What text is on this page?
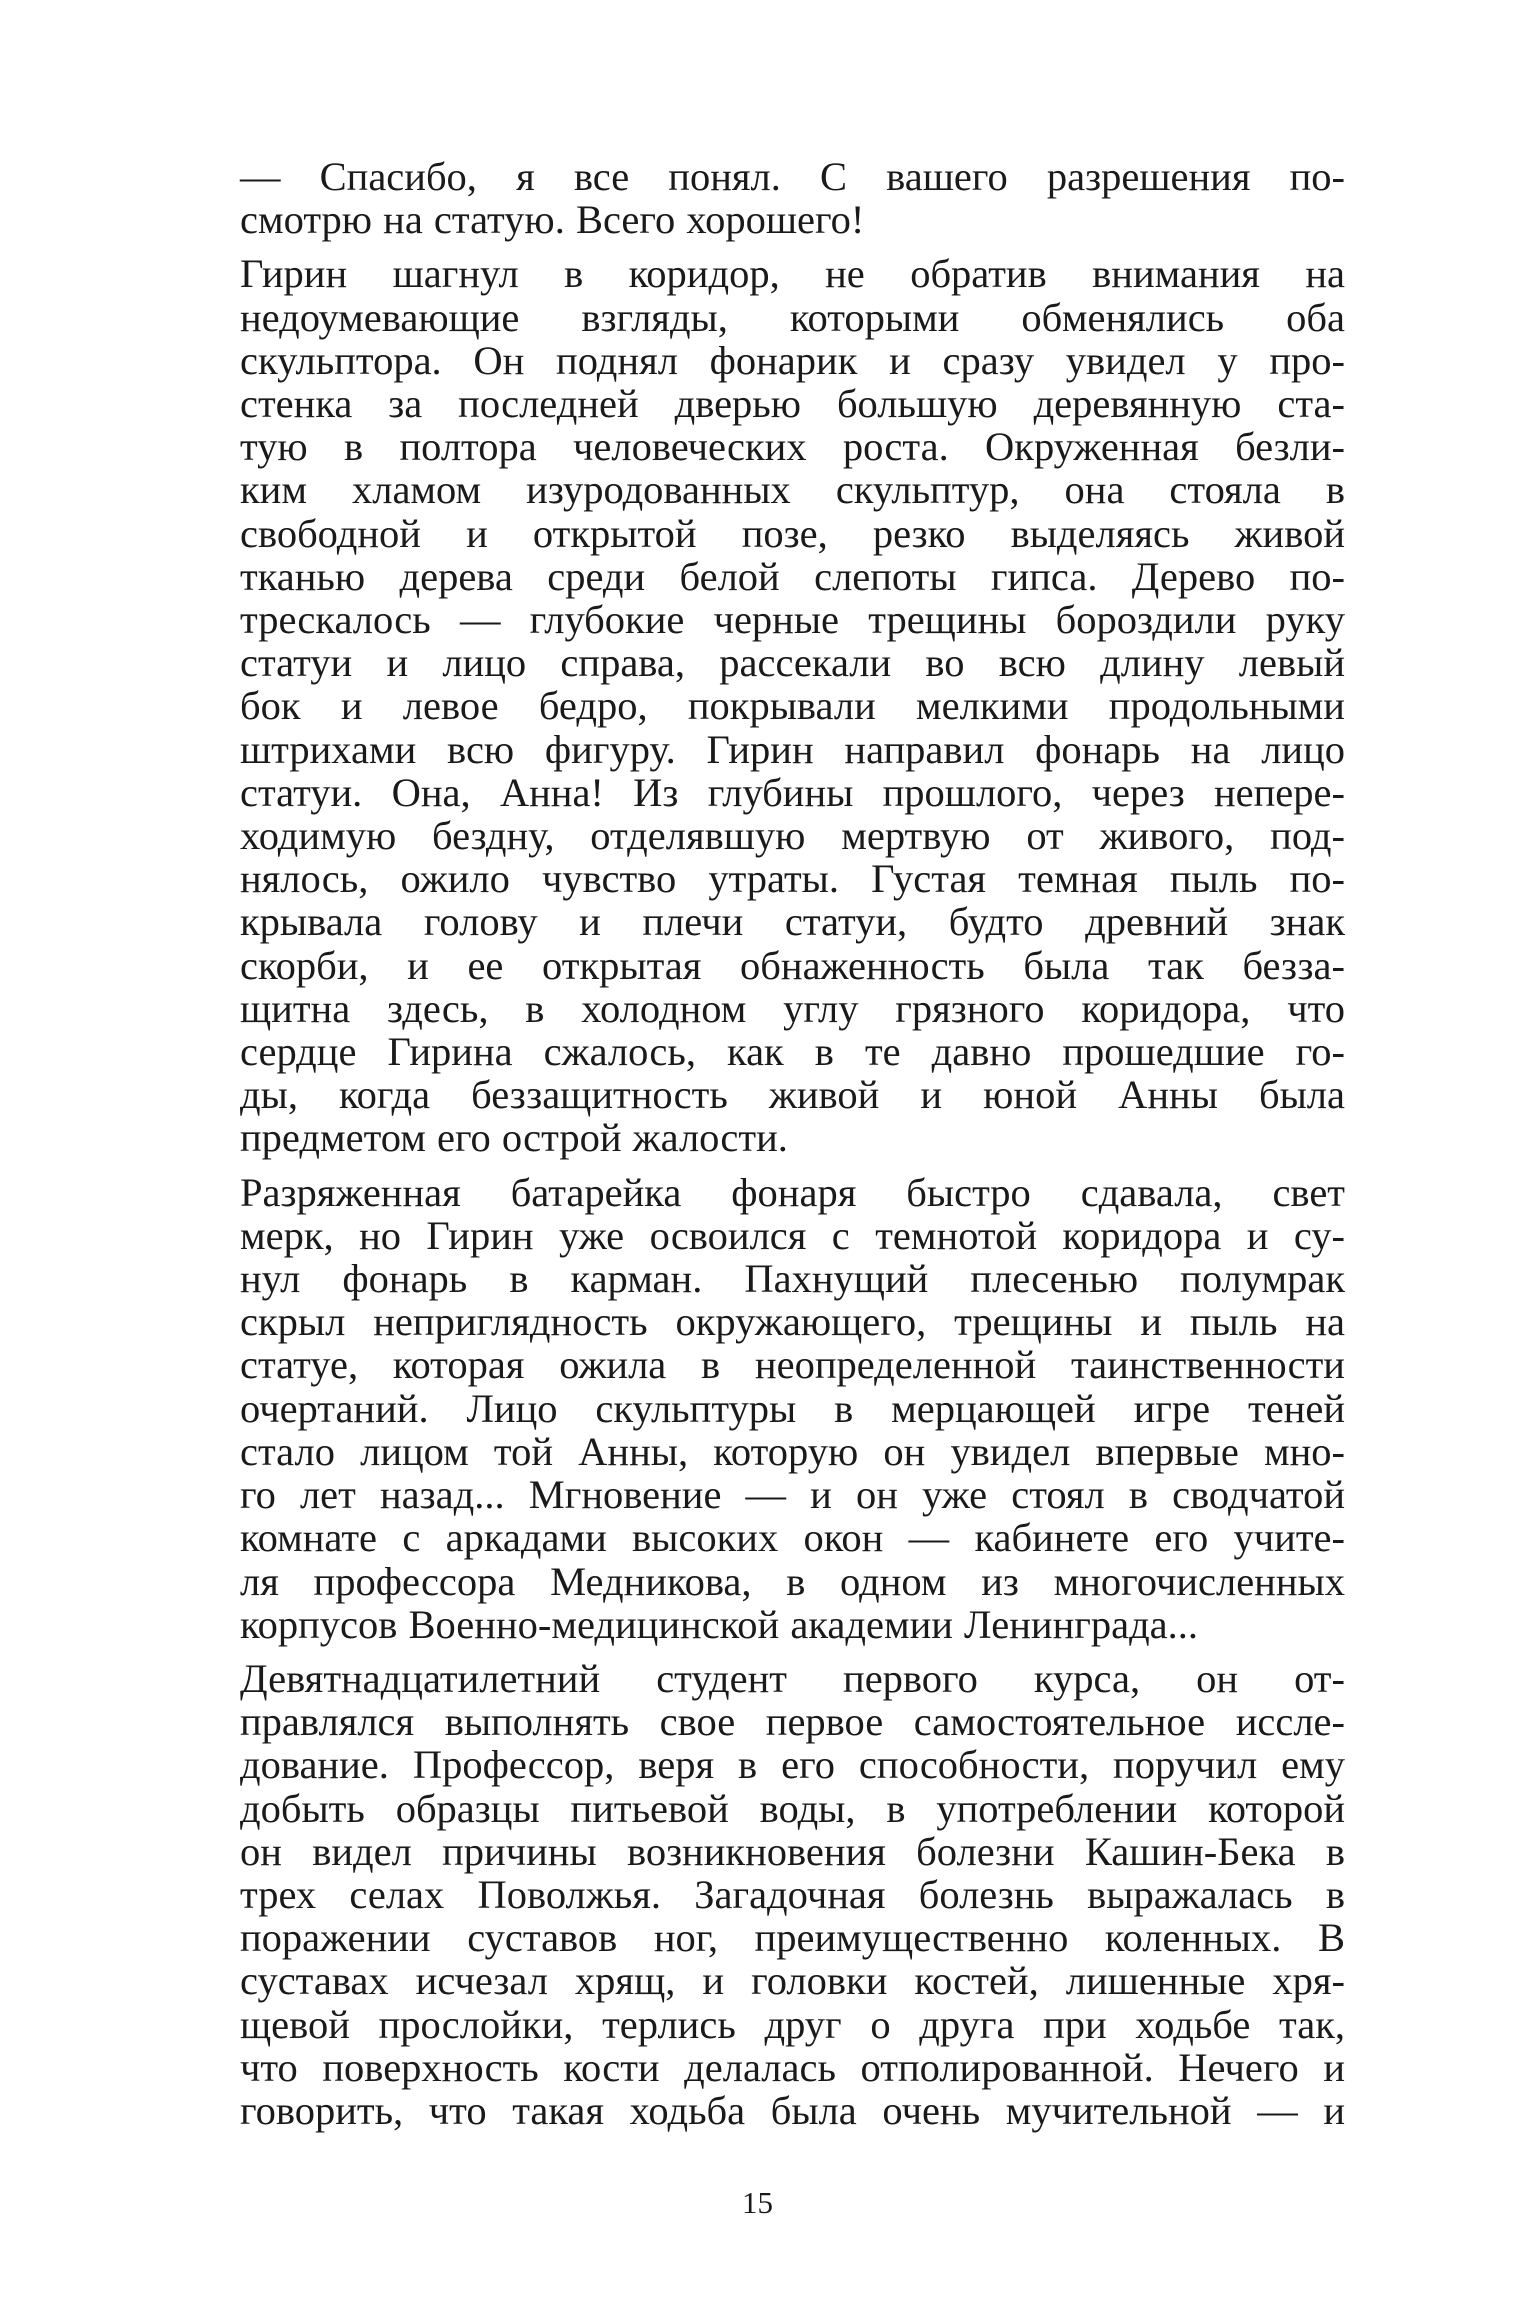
— Спасибо, я все понял. С вашего разрешения по-
смотрю на статую. Всего хорошего!
Гирин шагнул в коридор, не обратив внимания на
недоумевающие взгляды, которыми обменялись оба
скульптора. Он поднял фонарик и сразу увидел у про-
стенка за последней дверью большую деревянную ста-
тую в полтора человеческих роста. Окруженная безли-
ким хламом изуродованных скульптур, она стояла в
свободной и открытой позе, резко выделяясь живой
тканью дерева среди белой слепоты гипса. Дерево по-
трескалось — глубокие черные трещины бороздили руку
статуи и лицо справа, рассекали во всю длину левый
бок и левое бедро, покрывали мелкими продольными
штрихами всю фигуру. Гирин направил фонарь на лицо
статуи. Она, Анна! Из глубины прошлого, через непере-
ходимую бездну, отделявшую мертвую от живого, под-
нялось, ожило чувство утраты. Густая темная пыль по-
крывала голову и плечи статуи, будто древний знак
скорби, и ее открытая обнаженность была так безза-
щитна здесь, в холодном углу грязного коридора, что
сердце Гирина сжалось, как в те давно прошедшие го-
ды, когда беззащитность живой и юной Анны была
предметом его острой жалости.
Разряженная батарейка фонаря быстро сдавала, свет
мерк, но Гирин уже освоился с темнотой коридора и су-
нул фонарь в карман. Пахнущий плесенью полумрак
скрыл неприглядность окружающего, трещины и пыль на
статуе, которая ожила в неопределенной таинственности
очертаний. Лицо скульптуры в мерцающей игре теней
стало лицом той Анны, которую он увидел впервые мно-
го лет назад... Мгновение — и он уже стоял в сводчатой
комнате с аркадами высоких окон — кабинете его учите-
ля профессора Медникова, в одном из многочисленных
корпусов Военно-медицинской академии Ленинграда...
Девятнадцатилетний студент первого курса, он от-
правлялся выполнять свое первое самостоятельное иссле-
дование. Профессор, веря в его способности, поручил ему
добыть образцы питьевой воды, в употреблении которой
он видел причины возникновения болезни Кашин-Бека в
трех селах Поволжья. Загадочная болезнь выражалась в
поражении суставов ног, преимущественно коленных. В
суставах исчезал хрящ, и головки костей, лишенные хря-
щевой прослойки, терлись друг о друга при ходьбе так,
что поверхность кости делалась отполированной. Нечего и
говорить, что такая ходьба была очень мучительной — и
15
